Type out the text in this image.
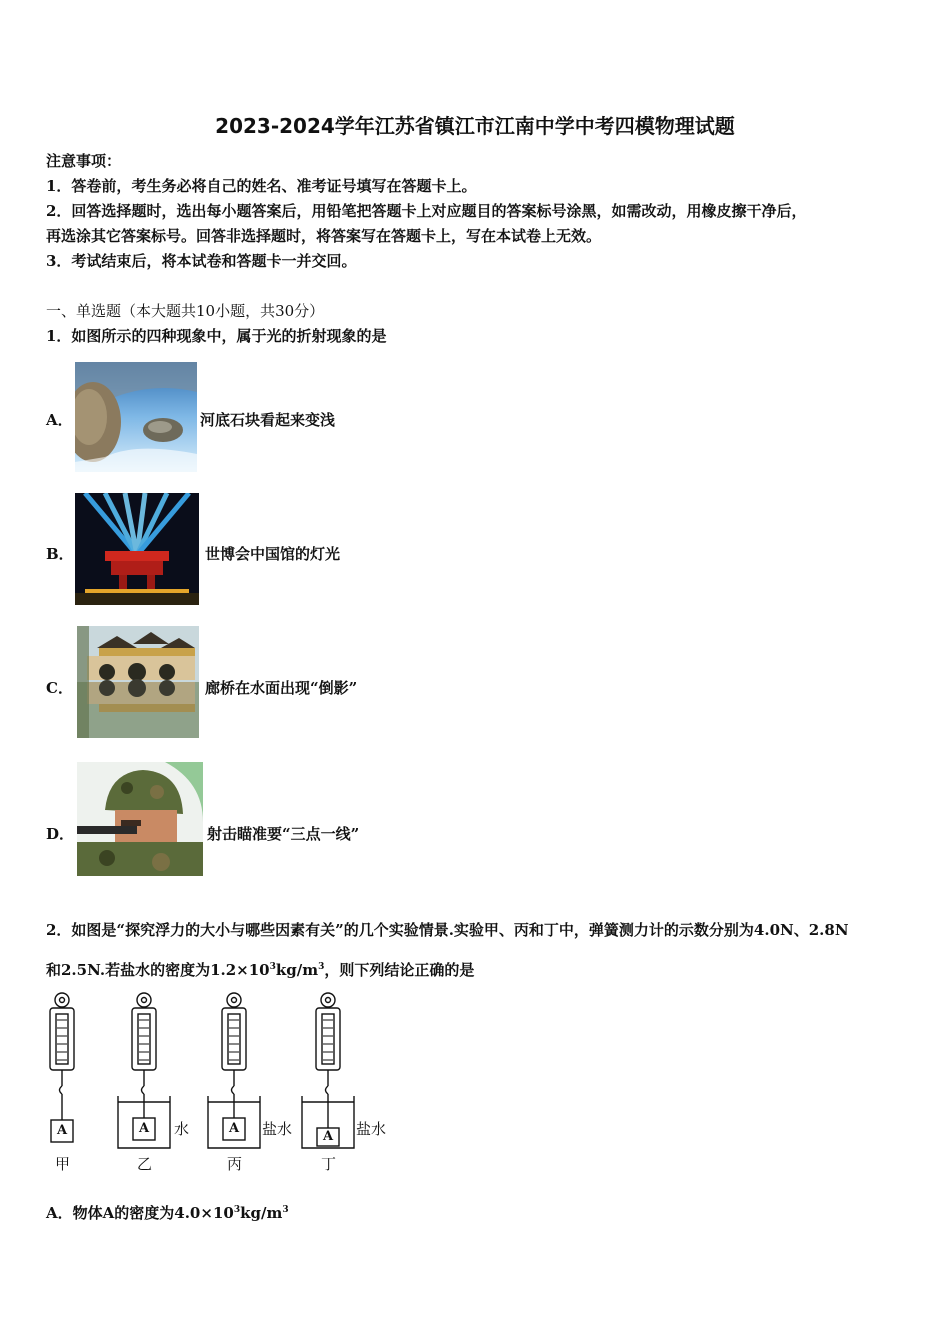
2023-2024学年江苏省镇江市江南中学中考四模物理试题
注意事项：
1．答卷前，考生务必将自己的姓名、准考证号填写在答题卡上。
2．回答选择题时，选出每小题答案后，用铅笔把答题卡上对应题目的答案标号涂黑，如需改动，用橡皮擦干净后，
再选涂其它答案标号。回答非选择题时，将答案写在答题卡上，写在本试卷上无效。
3．考试结束后，将本试卷和答题卡一并交回。
一、单选题（本大题共10小题，共30分）
1．如图所示的四种现象中，属于光的折射现象的是
A．	河底石块看起来变浅
B．	世博会中国馆的灯光
C．	廊桥在水面出现“倒影”
D．	射击瞄准要“三点一线”
2．如图是“探究浮力的大小与哪些因素有关”的几个实验情景.实验甲、丙和丁中，弹簧测力计的示数分别为4.0N、2.8N
和2.5N.若盐水的密度为$1.2\times 10^3kg/m^3$，则下列结论正确的是
A	A	A
A
水	盐水	盐水
甲	乙	丙	丁
A．物体A的密度为$4.0\times 10^3kg/m^3$
